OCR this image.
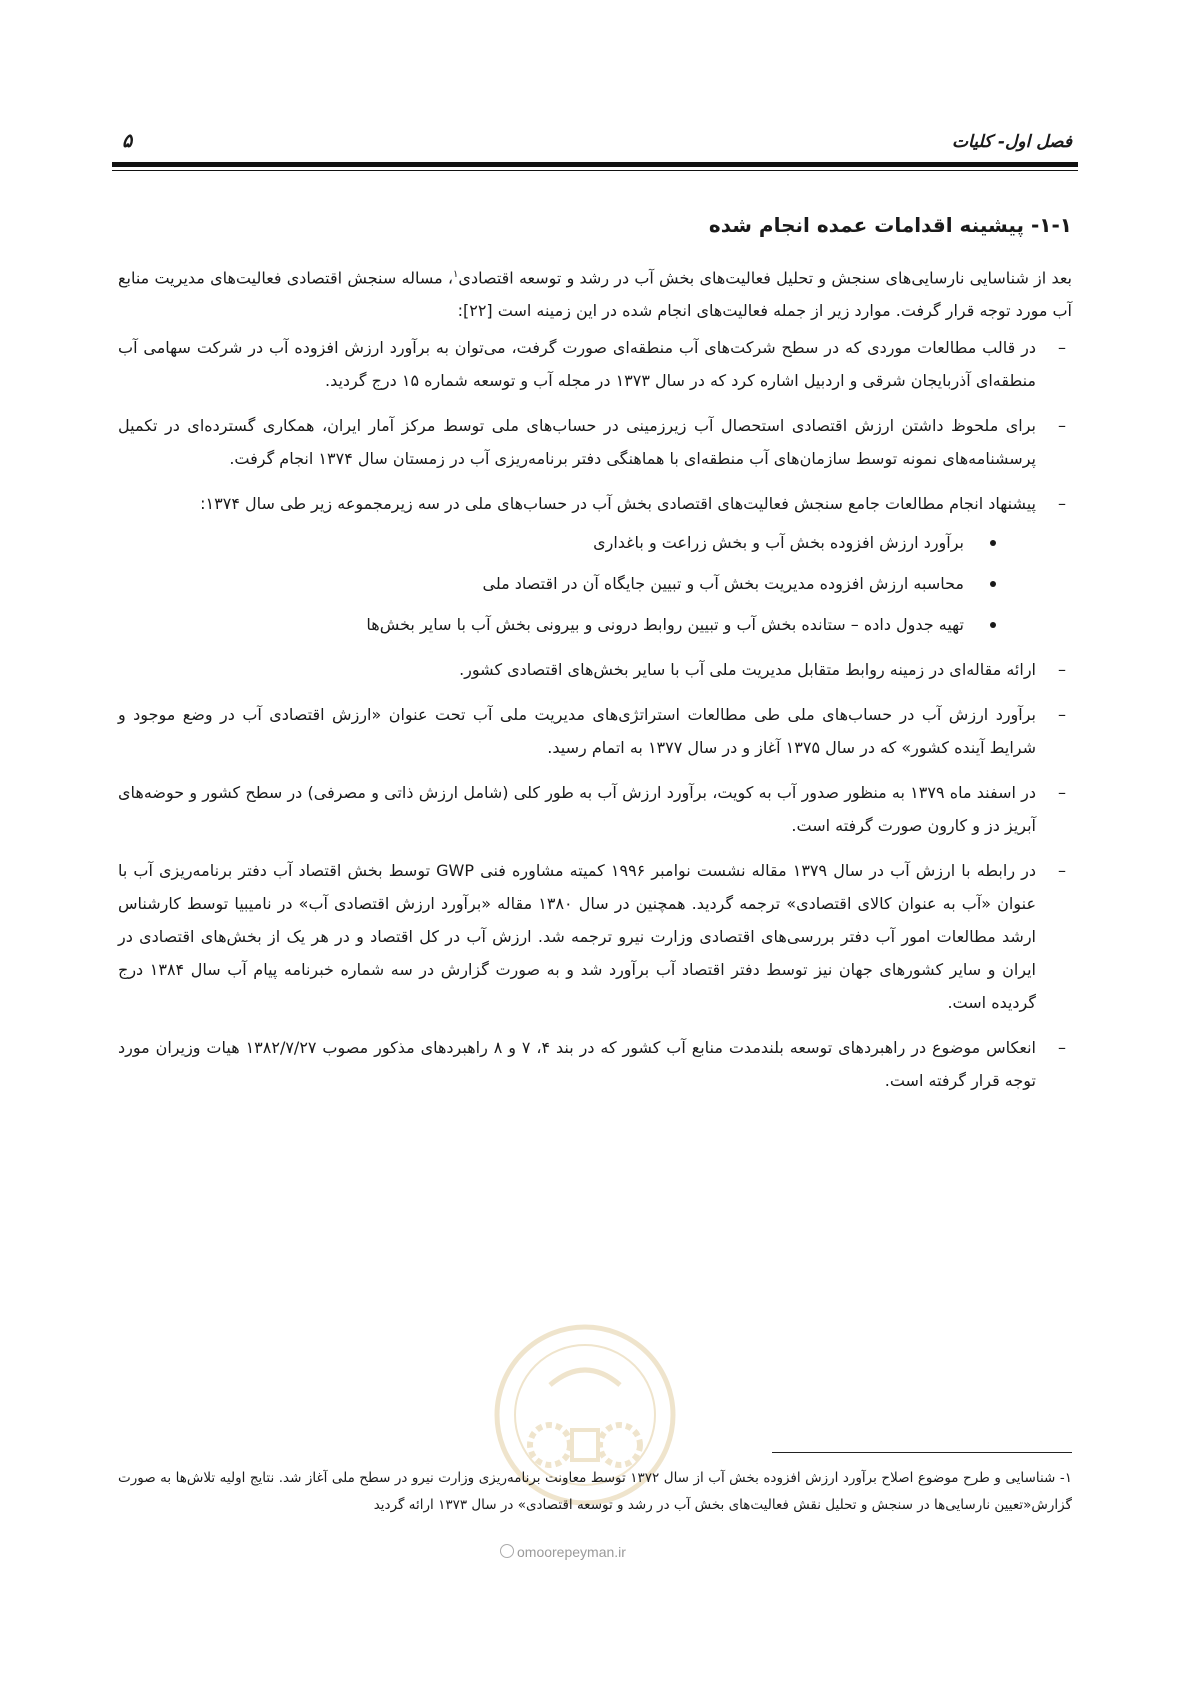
فصل اول- کلیات
۵
۱-۱- پیشینه اقدامات عمده انجام شده

بعد از شناسایی نارسایی‌های سنجش و تحلیل فعالیت‌های بخش آب در رشد و توسعه اقتصادی$^۱$، مساله سنجش اقتصادی فعالیت‌های مدیریت منابع آب مورد توجه قرار گرفت. موارد زیر از جمله فعالیت‌های انجام شده در این زمینه است [۲۲]:

–
در قالب مطالعات موردی که در سطح شرکت‌های آب منطقه‌ای صورت گرفت، می‌توان به برآورد ارزش افزوده آب در شرکت سهامی آب منطقه‌ای آذربایجان شرقی و اردبیل اشاره کرد که در سال ۱۳۷۳ در مجله آب و توسعه شماره ۱۵ درج گردید.
–
برای ملحوظ داشتن ارزش اقتصادی استحصال آب زیرزمینی در حساب‌های ملی توسط مرکز آمار ایران، همکاری گسترده‌ای در تکمیل پرسشنامه‌های نمونه توسط سازمان‌های آب منطقه‌ای با هماهنگی دفتر برنامه‌ریزی آب در زمستان سال ۱۳۷۴ انجام گرفت.
–
پیشنهاد انجام مطالعات جامع سنجش فعالیت‌های اقتصادی بخش آب در حساب‌های ملی در سه زیرمجموعه زیر طی سال ۱۳۷۴:
برآورد ارزش افزوده بخش آب و بخش زراعت و باغداری
محاسبه ارزش افزوده مدیریت بخش آب و تبیین جایگاه آن در اقتصاد ملی
تهیه جدول داده – ستانده بخش آب و تبیین روابط درونی و بیرونی بخش آب با سایر بخش‌ها
–
ارائه مقاله‌ای در زمینه روابط متقابل مدیریت ملی آب با سایر بخش‌های اقتصادی کشور.
–
برآورد ارزش آب در حساب‌های ملی طی مطالعات استراتژی‌های مدیریت ملی آب تحت عنوان «ارزش اقتصادی آب در وضع موجود و شرایط آینده کشور» که در سال ۱۳۷۵ آغاز و در سال ۱۳۷۷ به اتمام رسید.
–
در اسفند ماه ۱۳۷۹ به منظور صدور آب به کویت، برآورد ارزش آب به طور کلی (شامل ارزش ذاتی و مصرفی) در سطح کشور و حوضه‌های آبریز دز و کارون صورت گرفته است.
–
در رابطه با ارزش آب در سال ۱۳۷۹ مقاله نشست نوامبر ۱۹۹۶ کمیته مشاوره فنی GWP توسط بخش اقتصاد آب دفتر برنامه‌ریزی آب با عنوان «آب به عنوان کالای اقتصادی» ترجمه گردید. همچنین در سال ۱۳۸۰ مقاله «برآورد ارزش اقتصادی آب» در نامیبیا توسط کارشناس ارشد مطالعات امور آب دفتر بررسی‌های اقتصادی وزارت نیرو ترجمه شد. ارزش آب در کل اقتصاد و در هر یک از بخش‌های اقتصادی در ایران و سایر کشورهای جهان نیز توسط دفتر اقتصاد آب برآورد شد و به صورت گزارش در سه شماره خبرنامه پیام آب سال ۱۳۸۴ درج گردیده است.
–
انعکاس موضوع در راهبردهای توسعه بلندمدت منابع آب کشور که در بند ۴، ۷ و ۸ راهبردهای مذکور مصوب ۱۳۸۲/۷/۲۷ هیات وزیران مورد توجه قرار گرفته است.
۱- شناسایی و طرح موضوع اصلاح برآورد ارزش افزوده بخش آب از سال ۱۳۷۲ توسط معاونت برنامه‌ریزی وزارت نیرو در سطح ملی آغاز شد. نتایج اولیه تلاش‌ها به صورت گزارش«تعیین نارسایی‌ها در سنجش و تحلیل نقش فعالیت‌های بخش آب در رشد و توسعه اقتصادی» در سال ۱۳۷۳ ارائه گردید
omoorepeyman.ir
